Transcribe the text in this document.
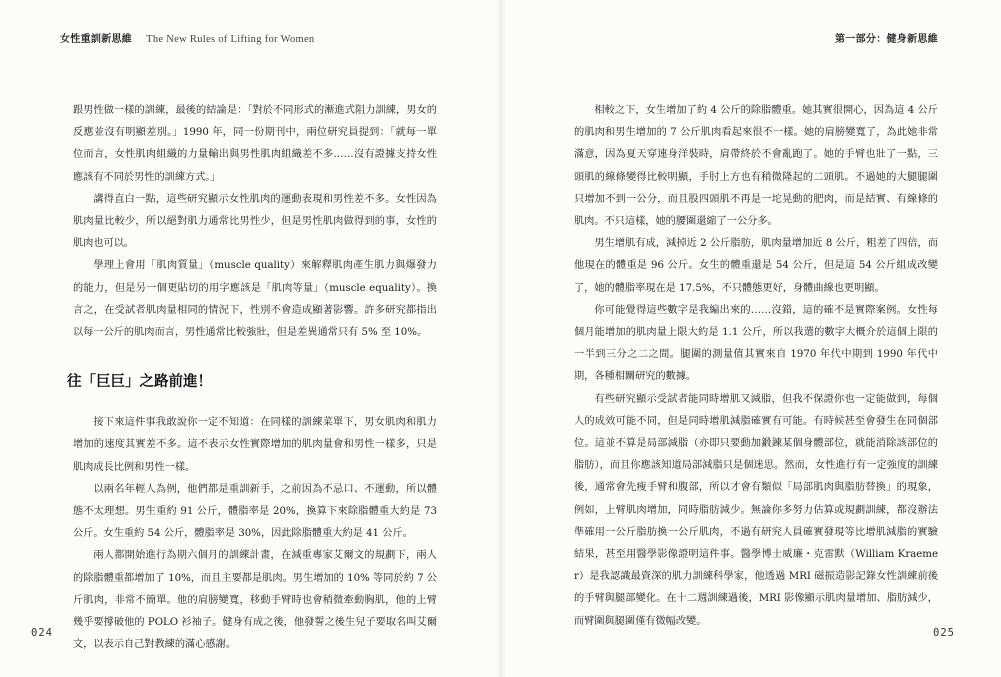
女性重訓新思維 The New Rules of Lifting for Women	第一部分：健身新思維

跟男性做一樣的訓練，最後的結論是：「對於不同形式的漸進式阻力訓練，男女的反應並沒有明顯差別。」1990 年，同一份期刊中，兩位研究員提到：「就每一單位而言，女性肌肉組織的力量輸出與男性肌肉組織差不多……沒有證據支持女性應該有不同於男性的訓練方式。」

講得直白一點，這些研究顯示女性肌肉的運動表現和男性差不多。女性因為肌肉量比較少，所以絕對肌力通常比男性少，但是男性肌肉做得到的事，女性的肌肉也可以。

學理上會用「肌肉質量」（muscle quality）來解釋肌肉產生肌力與爆發力的能力，但是另一個更貼切的用字應該是「肌肉等量」（muscle equality）。換言之，在受試者肌肉量相同的情況下，性別不會造成顯著影響。許多研究都指出以每一公斤的肌肉而言，男性通常比較強壯，但是差異通常只有 5% 至 10%。

往「巨巨」之路前進！

接下來這件事我敢說你一定不知道：在同樣的訓練菜單下，男女肌肉和肌力增加的速度其實差不多。這不表示女性實際增加的肌肉量會和男性一樣多，只是肌肉成長比例和男性一樣。

以兩名年輕人為例，他們都是重訓新手，之前因為不忌口、不運動，所以體態不太理想。男生重約 91 公斤，體脂率是 20%，換算下來除脂體重大約是 73 公斤。女生重約 54 公斤，體脂率是 30%，因此除脂體重大約是 41 公斤。

兩人都開始進行為期六個月的訓練計畫，在減重專家艾爾文的規劃下，兩人的除脂體重都增加了 10%，而且主要都是肌肉。男生增加的 10% 等同於約 7 公斤肌肉，非常不簡單。他的肩膀變寬，移動手臂時也會稍微牽動胸肌，他的上臂幾乎要撐破他的 POLO 衫袖子。健身有成之後，他發誓之後生兒子要取名叫艾爾文，以表示自己對教練的滿心感謝。

相較之下，女生增加了約 4 公斤的除脂體重。她其實很開心，因為這 4 公斤的肌肉和男生增加的 7 公斤肌肉看起來很不一樣。她的肩膀變寬了，為此她非常滿意，因為夏天穿連身洋裝時，肩帶終於不會亂跑了。她的手臂也壯了一點，三頭肌的線條變得比較明顯，手肘上方也有稍微隆起的二頭肌。不過她的大腿腿圍只增加不到一公分，而且股四頭肌不再是一坨晃動的肥肉，而是結實、有線條的肌肉。不只這樣，她的腰圍還縮了一公分多。

男生增肌有成，減掉近 2 公斤脂肪，肌肉量增加近 8 公斤，粗差了四倍，而他現在的體重是 96 公斤。女生的體重還是 54 公斤，但是這 54 公斤組成改變了，她的體脂率現在是 17.5%，不只體態更好，身體曲線也更明顯。

你可能覺得這些數字是我編出來的……沒錯，這的確不是實際案例。女性每個月能增加的肌肉量上限大約是 1.1 公斤，所以我選的數字大概介於這個上限的一半到三分之二之間。腿圍的測量值其實來自 1970 年代中期到 1990 年代中期，各種相關研究的數據。

有些研究顯示受試者能同時增肌又減脂，但我不保證你也一定能做到，每個人的成效可能不同，但是同時增肌減脂確實有可能。有時候甚至會發生在同個部位。這並不算是局部減脂（亦即只要動加鍛鍊某個身體部位，就能消除該部位的脂肪），而且你應該知道局部減脂只是個迷思。然而，女性進行有一定強度的訓練後，通常會先瘦手臂和腹部，所以才會有類似「局部肌肉與脂肪替換」的現象，例如，上臂肌肉增加，同時脂肪減少。無論你多努力估算或規劃訓練，都沒辦法準確用一公斤脂肪換一公斤肌肉，不過有研究人員確實發現等比增肌減脂的實驗結果，甚至用醫學影像證明這件事。醫學博士威廉・克雷默（William Kraemer）是我認識最資深的肌力訓練科學家，他透過 MRI 磁振造影記錄女性訓練前後的手臂與腿部變化。在十二週訓練過後，MRI 影像顯示肌肉量增加、脂肪減少，而臂圍與腿圍僅有微幅改變。

024	025
